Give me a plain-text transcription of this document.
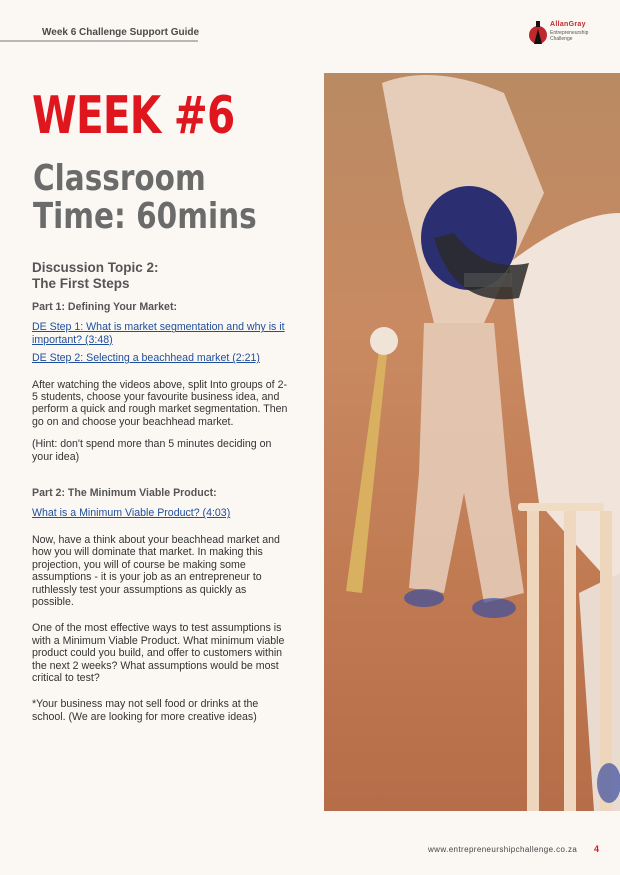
Week 6 Challenge Support Guide
AllanGray
Entrepreneurship Challenge
WEEK #6
Classroom
Time: 60mins
Discussion Topic 2:
The First Steps
Part 1: Defining Your Market:
DE Step 1: What is market segmentation and why is it important? (3:48)
DE Step 2: Selecting a beachhead market (2:21)
After watching the videos above, split Into groups of 2-5 students, choose your favourite business idea, and perform a quick and rough market segmentation. Then go on and choose your beachhead market.
(Hint: don't spend more than 5 minutes deciding on your idea)
Part 2: The Minimum Viable Product:
What is a Minimum Viable Product? (4:03)
Now, have a think about your beachhead market and how you will dominate that market. In making this projection, you will of course be making some assumptions - it is your job as an entrepreneur to ruthlessly test your assumptions as quickly as possible.
One of the most effective ways to test assumptions is with a Minimum Viable Product. What minimum viable product could you build, and offer to customers within the next 2 weeks? What assumptions would be most critical to test?
*Your business may not sell food or drinks at the school. (We are looking for more creative ideas)
www.entrepreneurshipchallenge.co.za 4
